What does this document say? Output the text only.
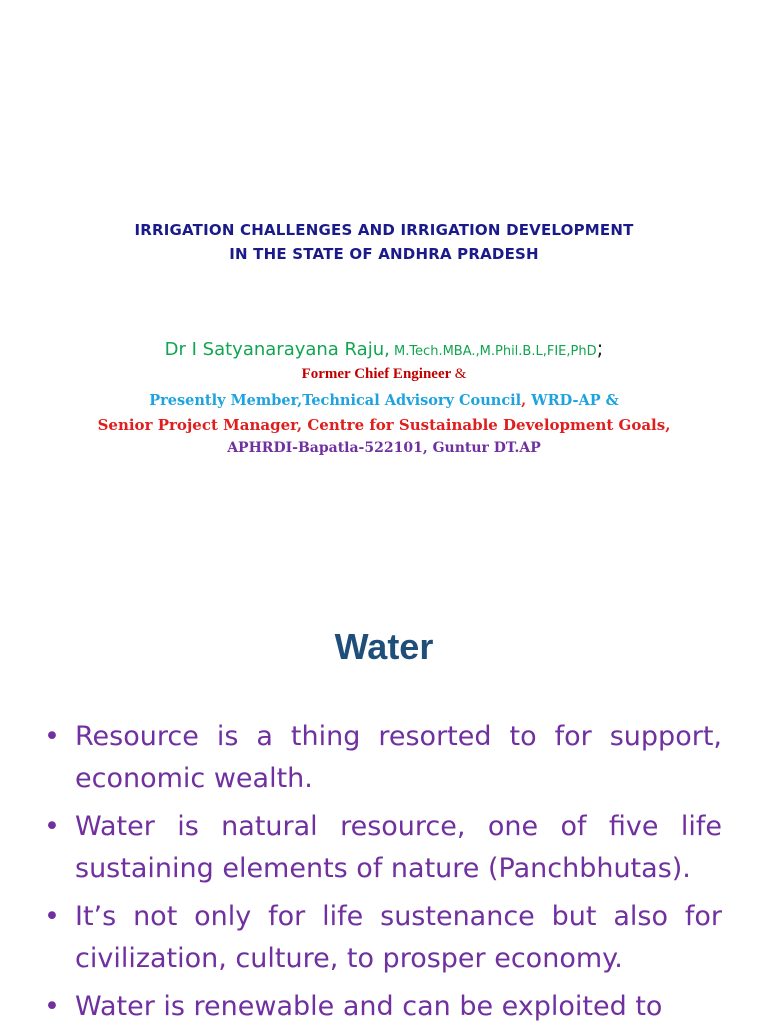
IRRIGATION CHALLENGES AND IRRIGATION DEVELOPMENT
IN THE STATE OF ANDHRA PRADESH
Dr I Satyanarayana Raju, M.Tech.MBA.,M.Phil.B.L,FIE,PhD;
Former Chief Engineer &
Presently Member,Technical Advisory Council, WRD-AP &
Senior Project Manager, Centre for Sustainable Development Goals,
APHRDI-Bapatla-522101, Guntur DT.AP
Water
• Resource is a thing resorted to for support, economic wealth.
• Water is natural resource, one of five life sustaining elements of nature (Panchbhutas).
• It’s not only for life sustenance but also for civilization, culture, to prosper economy.
• Water is renewable and can be exploited to
